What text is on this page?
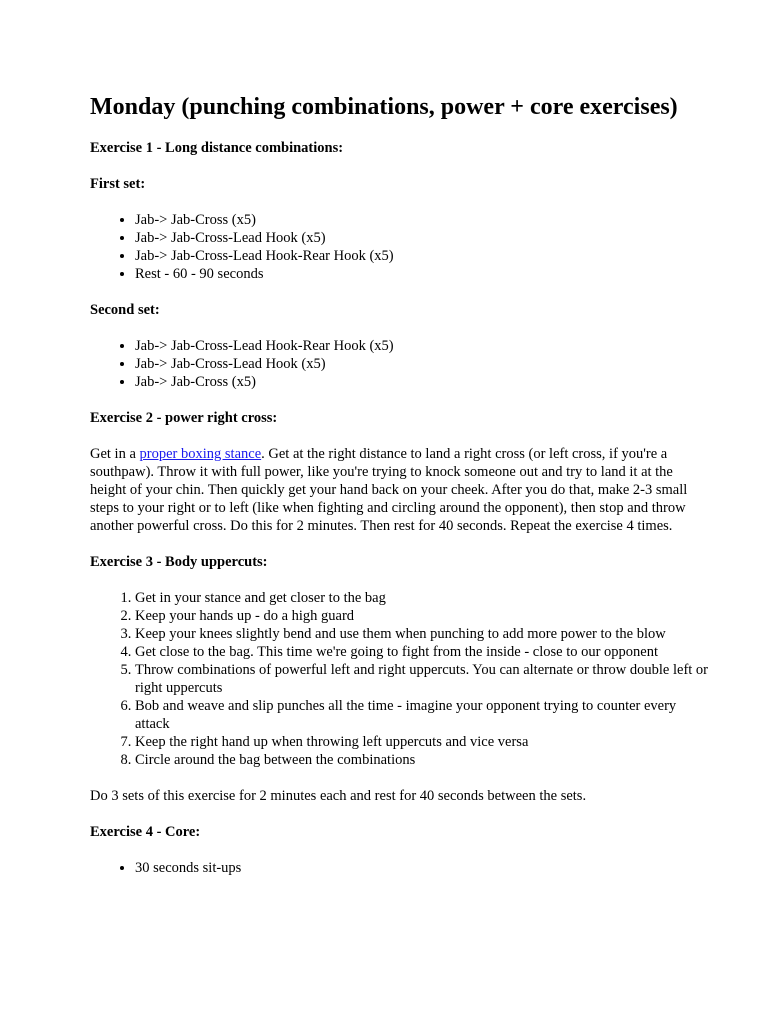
Monday (punching combinations, power + core exercises)
Exercise 1 - Long distance combinations:
First set:
• Jab-> Jab-Cross (x5)
• Jab-> Jab-Cross-Lead Hook (x5)
• Jab-> Jab-Cross-Lead Hook-Rear Hook (x5)
• Rest - 60 - 90 seconds
Second set:
• Jab-> Jab-Cross-Lead Hook-Rear Hook (x5)
• Jab-> Jab-Cross-Lead Hook (x5)
• Jab-> Jab-Cross (x5)
Exercise 2 - power right cross:

Get in a proper boxing stance. Get at the right distance to land a right cross (or left cross, if you're a southpaw). Throw it with full power, like you're trying to knock someone out and try to land it at the height of your chin. Then quickly get your hand back on your cheek. After you do that, make 2-3 small steps to your right or to left (like when fighting and circling around the opponent), then stop and throw another powerful cross. Do this for 2 minutes. Then rest for 40 seconds. Repeat the exercise 4 times.

Exercise 3 - Body uppercuts:
1. Get in your stance and get closer to the bag
2. Keep your hands up - do a high guard
3. Keep your knees slightly bend and use them when punching to add more power to the blow
4. Get close to the bag. This time we're going to fight from the inside - close to our opponent
5. Throw combinations of powerful left and right uppercuts. You can alternate or throw double left or right uppercuts
6. Bob and weave and slip punches all the time - imagine your opponent trying to counter every attack
7. Keep the right hand up when throwing left uppercuts and vice versa
8. Circle around the bag between the combinations

Do 3 sets of this exercise for 2 minutes each and rest for 40 seconds between the sets.

Exercise 4 - Core:
• 30 seconds sit-ups
